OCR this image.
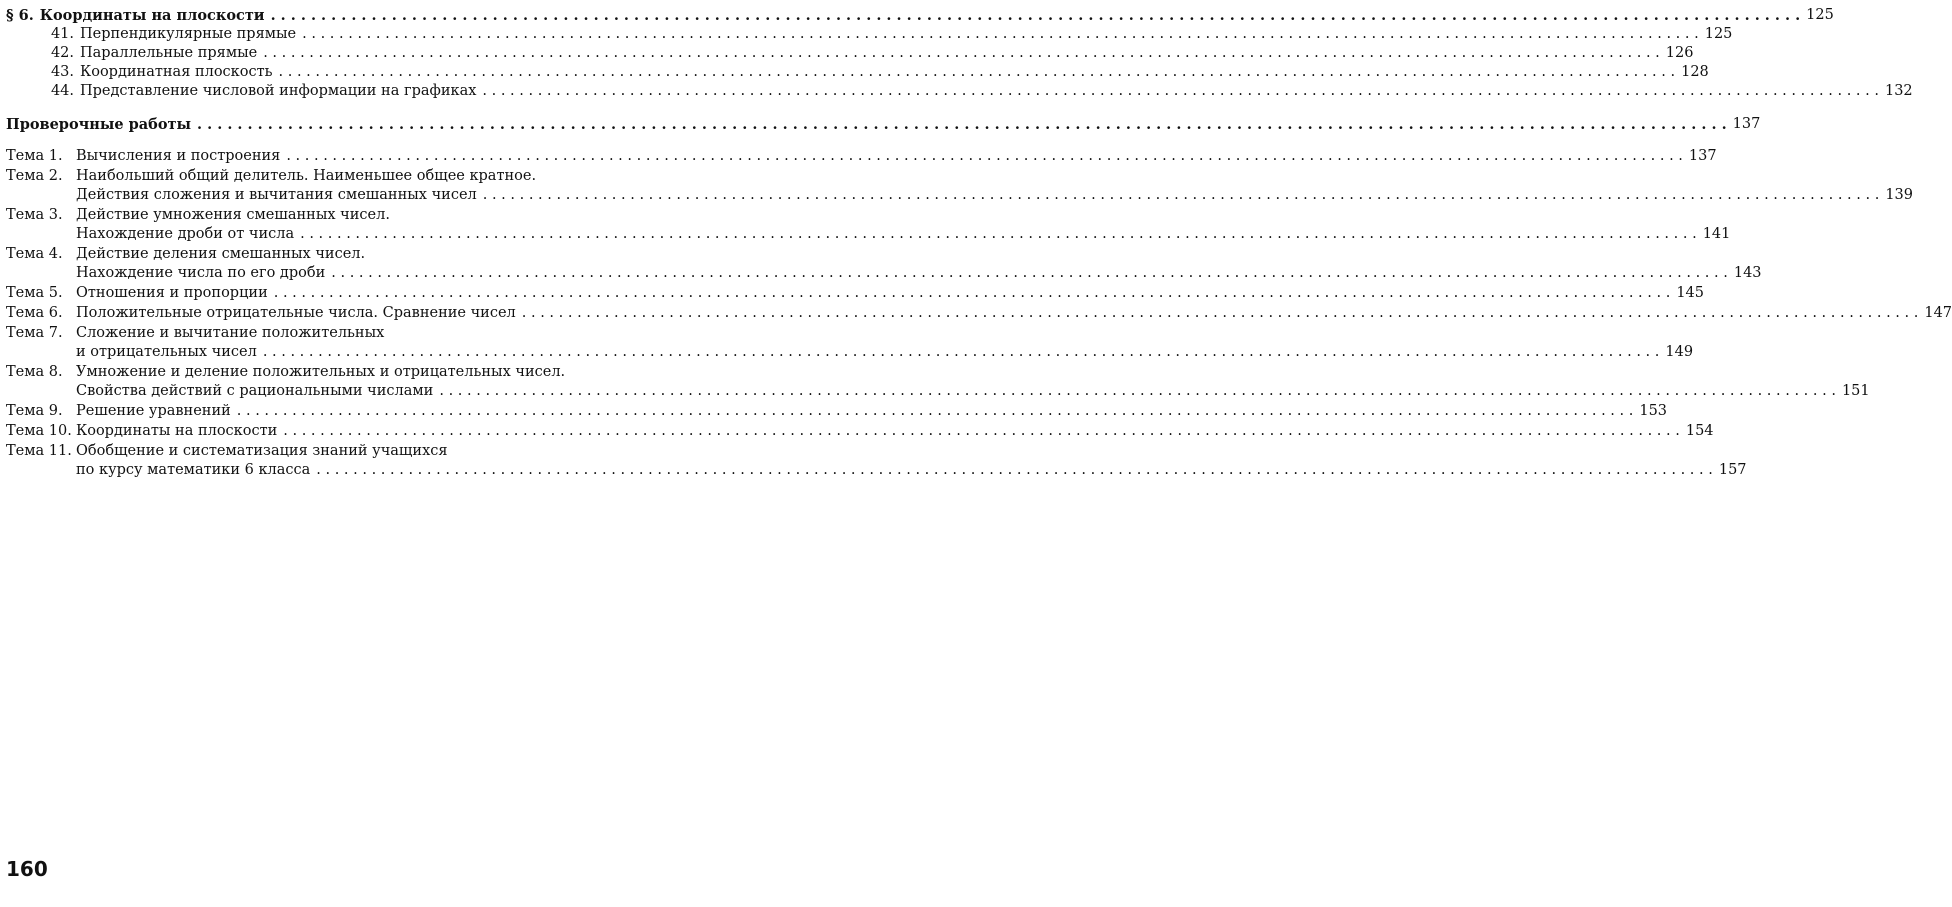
§ 6. Координаты на плоскости . . .	125
41. Перпендикулярные прямые . . .	125
42. Параллельные прямые . . .	126
43. Координатная плоскость . . .	128
44. Представление числовой информации на графиках . . .	132
Проверочные работы . . .	137
Тема 1. Вычисления и построения . . .	137
Тема 2. Наибольший общий делитель. Наименьшее общее кратное.
Действия сложения и вычитания смешанных чисел . . .	139
Тема 3. Действие умножения смешанных чисел.
Нахождение дроби от числа . . .	141
Тема 4. Действие деления смешанных чисел.
Нахождение числа по его дроби . . .	143
Тема 5. Отношения и пропорции . . .	145
Тема 6. Положительные отрицательные числа. Сравнение чисел . . .	147
Тема 7. Сложение и вычитание положительных
и отрицательных чисел . . .	149
Тема 8. Умножение и деление положительных и отрицательных чисел.
Свойства действий с рациональными числами . . .	151
Тема 9. Решение уравнений . . .	153
Тема 10. Координаты на плоскости . . .	154
Тема 11. Обобщение и систематизация знаний учащихся
по курсу математики 6 класса . . .	157
160
